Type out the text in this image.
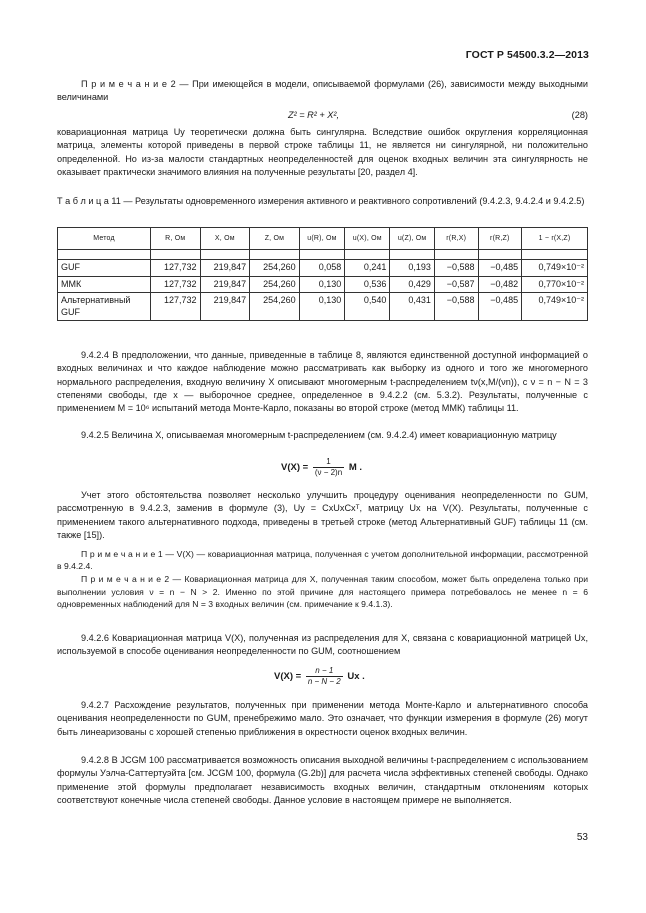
ГОСТ Р 54500.3.2—2013
П р и м е ч а н и е 2 — При имеющейся в модели, описываемой формулами (26), зависимости между выходными величинами
Z² = R² + X²,	(28)
ковариационная матрица Uy теоретически должна быть сингулярна. Вследствие ошибок округления корреляционная матрица, элементы которой приведены в первой строке таблицы 11, не является ни сингулярной, ни положительно определенной. Но из-за малости стандартных неопределенностей для оценок входных величин эта сингулярность не оказывает практически значимого влияния на полученные результаты [20, раздел 4].
Т а б л и ц а 11 — Результаты одновременного измерения активного и реактивного сопротивлений (9.4.2.3, 9.4.2.4 и 9.4.2.5)
Метод	R, Ом	X, Ом	Z, Ом	u(R), Ом	u(X), Ом	u(Z), Ом	r(R,X)	r(R,Z)	1 − r(X,Z)

GUF	127,732	219,847	254,260	0,058	0,241	0,193	−0,588	−0,485	0,749×10⁻²
ММК	127,732	219,847	254,260	0,130	0,536	0,429	−0,587	−0,482	0,770×10⁻²
Альтернативный GUF	127,732	219,847	254,260	0,130	0,540	0,431	−0,588	−0,485	0,749×10⁻²
9.4.2.4 В предположении, что данные, приведенные в таблице 8, являются единственной доступной информацией о входных величинах и что каждое наблюдение можно рассматривать как выборку из одного и того же многомерного нормального распределения, входную величину X описывают многомерным t-распределением tν(x,M/(νn)), с ν = n − N = 3 степенями свободы, где x — выборочное среднее, определенное в 9.4.2.2 (см. 5.3.2). Результаты, полученные с применением M = 10⁶ испытаний метода Монте-Карло, показаны во второй строке (метод ММК) таблицы 11.
9.4.2.5 Величина X, описываемая многомерным t-распределением (см. 9.4.2.4) имеет ковариационную матрицу
$V(X) = \frac{1}{(\nu - 2)n}$ M .
Учет этого обстоятельства позволяет несколько улучшить процедуру оценивания неопределенности по GUM, рассмотренную в 9.4.2.3, заменив в формуле (3), Uy = CxUxCxᵀ, матрицу Ux на V(X). Результаты, полученные с применением такого альтернативного подхода, приведены в третьей строке (метод Альтернативный GUF) таблицы 11 (см. также [15]).
П р и м е ч а н и е 1 — V(X) — ковариационная матрица, полученная с учетом дополнительной информации, рассмотренной в 9.4.2.4.
П р и м е ч а н и е 2 — Ковариационная матрица для X, полученная таким способом, может быть определена только при выполнении условия ν = n − N > 2. Именно по этой причине для настоящего примера потребовалось не менее n = 6 одновременных наблюдений для N = 3 входных величин (см. примечание к 9.4.1.3).
9.4.2.6 Ковариационная матрица V(X), полученная из распределения для X, связана с ковариационной матрицей Ux, используемой в способе оценивания неопределенности по GUM, соотношением
$V(X) = \frac{n - 1}{n - N - 2}$ Ux .
9.4.2.7 Расхождение результатов, полученных при применении метода Монте-Карло и альтернативного способа оценивания неопределенности по GUM, пренебрежимо мало. Это означает, что функции измерения в формуле (26) могут быть линеаризованы с хорошей степенью приближения в окрестности оценок входных величин.
9.4.2.8 В JCGM 100 рассматривается возможность описания выходной величины t-распределением с использованием формулы Уэлча-Саттертуэйта [см. JCGM 100, формула (G.2b)] для расчета числа эффективных степеней свободы. Однако применение этой формулы предполагает независимость входных величин, стандартным отклонениям которых соответствуют конечные числа степеней свободы. Данное условие в настоящем примере не выполняется.
53
